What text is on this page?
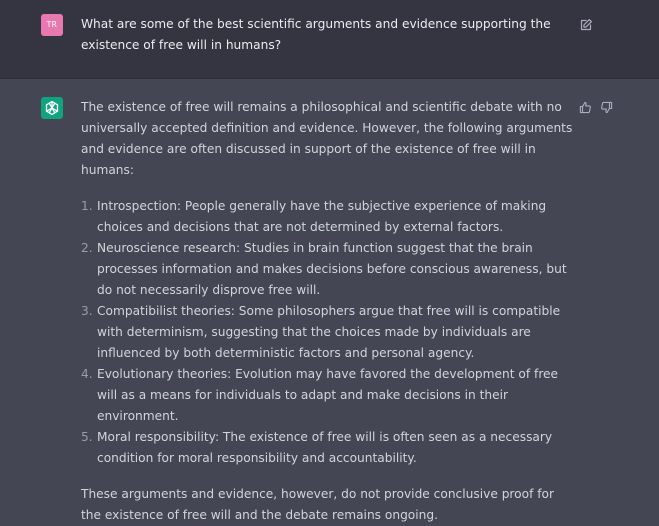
TR	What are some of the best scientific arguments and evidence supporting the existence of free will in humans?

The existence of free will remains a philosophical and scientific debate with no universally accepted definition and evidence. However, the following arguments and evidence are often discussed in support of the existence of free will in humans:

1. Introspection: People generally have the subjective experience of making choices and decisions that are not determined by external factors.
2. Neuroscience research: Studies in brain function suggest that the brain processes information and makes decisions before conscious awareness, but do not necessarily disprove free will.
3. Compatibilist theories: Some philosophers argue that free will is compatible with determinism, suggesting that the choices made by individuals are influenced by both deterministic factors and personal agency.
4. Evolutionary theories: Evolution may have favored the development of free will as a means for individuals to adapt and make decisions in their environment.
5. Moral responsibility: The existence of free will is often seen as a necessary condition for moral responsibility and accountability.

These arguments and evidence, however, do not provide conclusive proof for the existence of free will and the debate remains ongoing.
